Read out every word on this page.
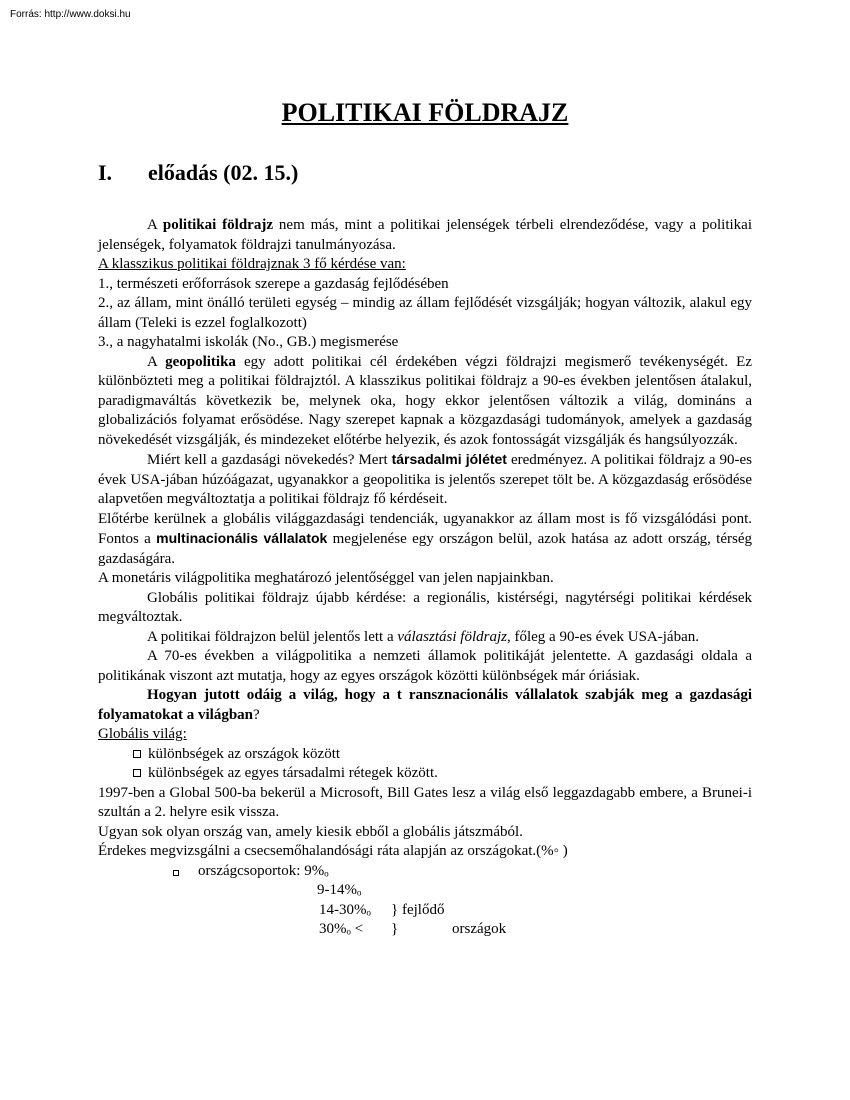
Forrás: http://www.doksi.hu
POLITIKAI FÖLDRAJZ
I. előadás (02. 15.)

A politikai földrajz nem más, mint a politikai jelenségek térbeli elrendeződése, vagy a politikai jelenségek, folyamatok földrajzi tanulmányozása.

A klasszikus politikai földrajznak 3 fő kérdése van:

1., természeti erőforrások szerepe a gazdaság fejlődésében

2., az állam, mint önálló területi egység – mindig az állam fejlődését vizsgálják; hogyan változik, alakul egy állam (Teleki is ezzel foglalkozott)

3., a nagyhatalmi iskolák (No., GB.) megismerése

A geopolitika egy adott politikai cél érdekében végzi földrajzi megismerő tevékenységét. Ez különbözteti meg a politikai földrajztól. A klasszikus politikai földrajz a 90-es években jelentősen átalakul, paradigmaváltás következik be, melynek oka, hogy ekkor jelentősen változik a világ, domináns a globalizációs folyamat erősödése. Nagy szerepet kapnak a közgazdasági tudományok, amelyek a gazdaság növekedését vizsgálják, és mindezeket előtérbe helyezik, és azok fontosságát vizsgálják és hangsúlyozzák.

Miért kell a gazdasági növekedés? Mert társadalmi jólétet eredményez. A politikai földrajz a 90-es évek USA-jában húzóágazat, ugyanakkor a geopolitika is jelentős szerepet tölt be. A közgazdaság erősödése alapvetően megváltoztatja a politikai földrajz fő kérdéseit.

Előtérbe kerülnek a globális világgazdasági tendenciák, ugyanakkor az állam most is fő vizsgálódási pont. Fontos a multinacionális vállalatok megjelenése egy országon belül, azok hatása az adott ország, térség gazdaságára.

A monetáris világpolitika meghatározó jelentőséggel van jelen napjainkban.

Globális politikai földrajz újabb kérdése: a regionális, kistérségi, nagytérségi politikai kérdések megváltoztak.

A politikai földrajzon belül jelentős lett a választási földrajz, főleg a 90-es évek USA-jában.

A 70-es években a világpolitika a nemzeti államok politikáját jelentette. A gazdasági oldala a politikának viszont azt mutatja, hogy az egyes országok közötti különbségek már óriásiak.

Hogyan jutott odáig a világ, hogy a t ransznacionális vállalatok szabják meg a gazdasági folyamatokat a világban?

Globális világ:

különbségek az országok között

különbségek az egyes társadalmi rétegek között.

1997-ben a Global 500-ba bekerül a Microsoft, Bill Gates lesz a világ első leggazdagabb embere, a Brunei-i szultán a 2. helyre esik vissza.

Ugyan sok olyan ország van, amely kiesik ebből a globális játszmából.

Érdekes megvizsgálni a csecsemőhalandósági ráta alapján az országokat.(%◦ )

országcsoportok: 9%ₒ

9-14%ₒ
14-30%ₒ } fejlődő
30%ₒ < }	országok
